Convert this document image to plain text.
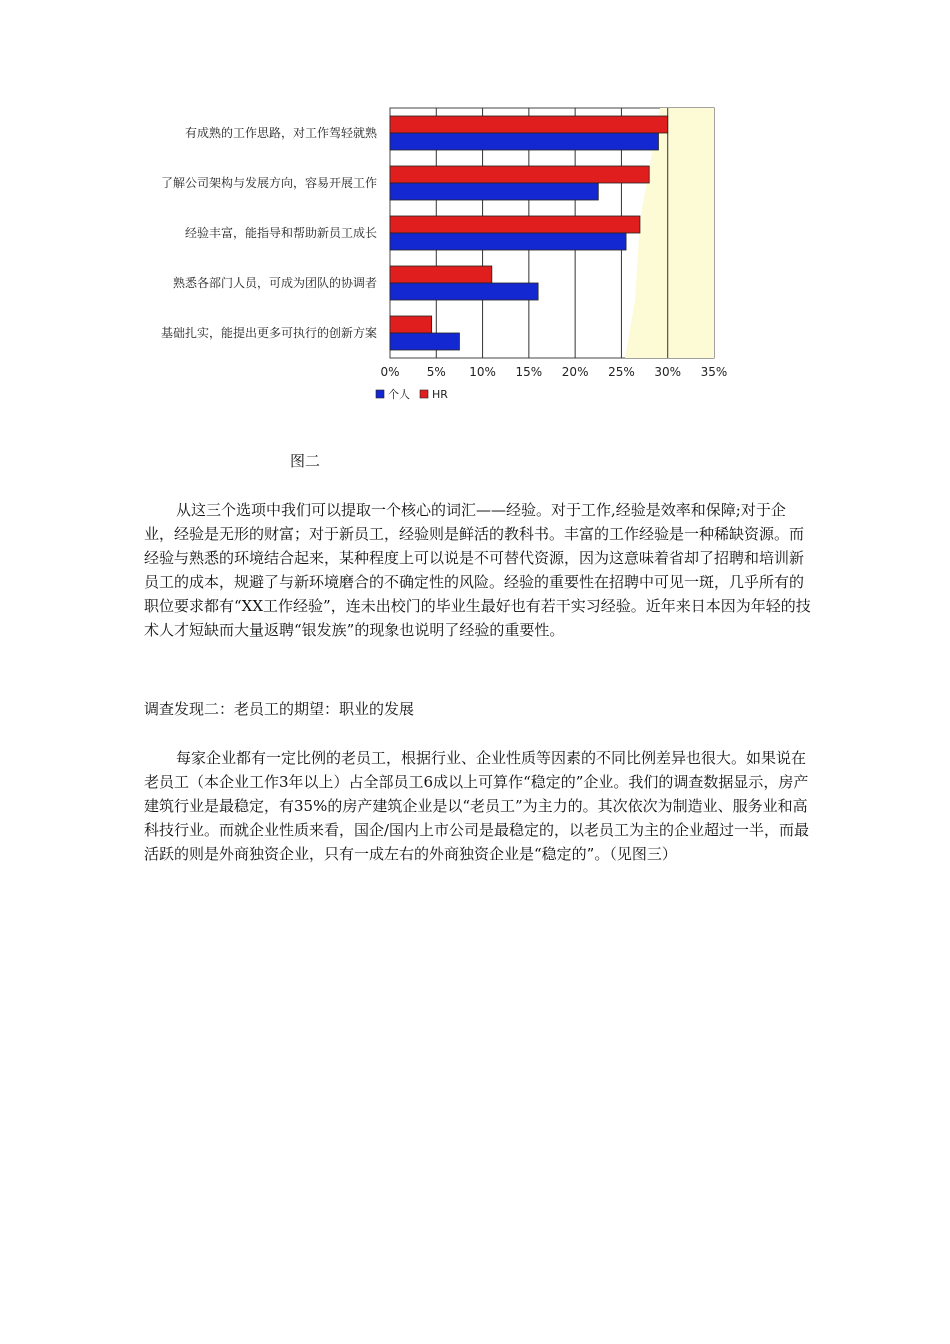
有成熟的工作思路，对工作驾轻就熟
了解公司架构与发展方向，容易开展工作
经验丰富，能指导和帮助新员工成长
熟悉各部门人员，可成为团队的协调者
基础扎实，能提出更多可执行的创新方案
0% 5% 10% 15% 20% 25% 30% 35%
个人 HR
图二

从这三个选项中我们可以提取一个核心的词汇——经验。对于工作,经验是效率和保障;对于企业，经验是无形的财富；对于新员工，经验则是鲜活的教科书。丰富的工作经验是一种稀缺资源。而经验与熟悉的环境结合起来，某种程度上可以说是不可替代资源，因为这意味着省却了招聘和培训新员工的成本，规避了与新环境磨合的不确定性的风险。经验的重要性在招聘中可见一斑，几乎所有的职位要求都有“XX工作经验”，连未出校门的毕业生最好也有若干实习经验。近年来日本因为年轻的技术人才短缺而大量返聘“银发族”的现象也说明了经验的重要性。

调查发现二：老员工的期望：职业的发展

每家企业都有一定比例的老员工，根据行业、企业性质等因素的不同比例差异也很大。如果说在老员工（本企业工作3年以上）占全部员工6成以上可算作“稳定的”企业。我们的调查数据显示，房产建筑行业是最稳定，有35%的房产建筑企业是以“老员工”为主力的。其次依次为制造业、服务业和高科技行业。而就企业性质来看，国企/国内上市公司是最稳定的，以老员工为主的企业超过一半，而最活跃的则是外商独资企业，只有一成左右的外商独资企业是“稳定的”。（见图三）
